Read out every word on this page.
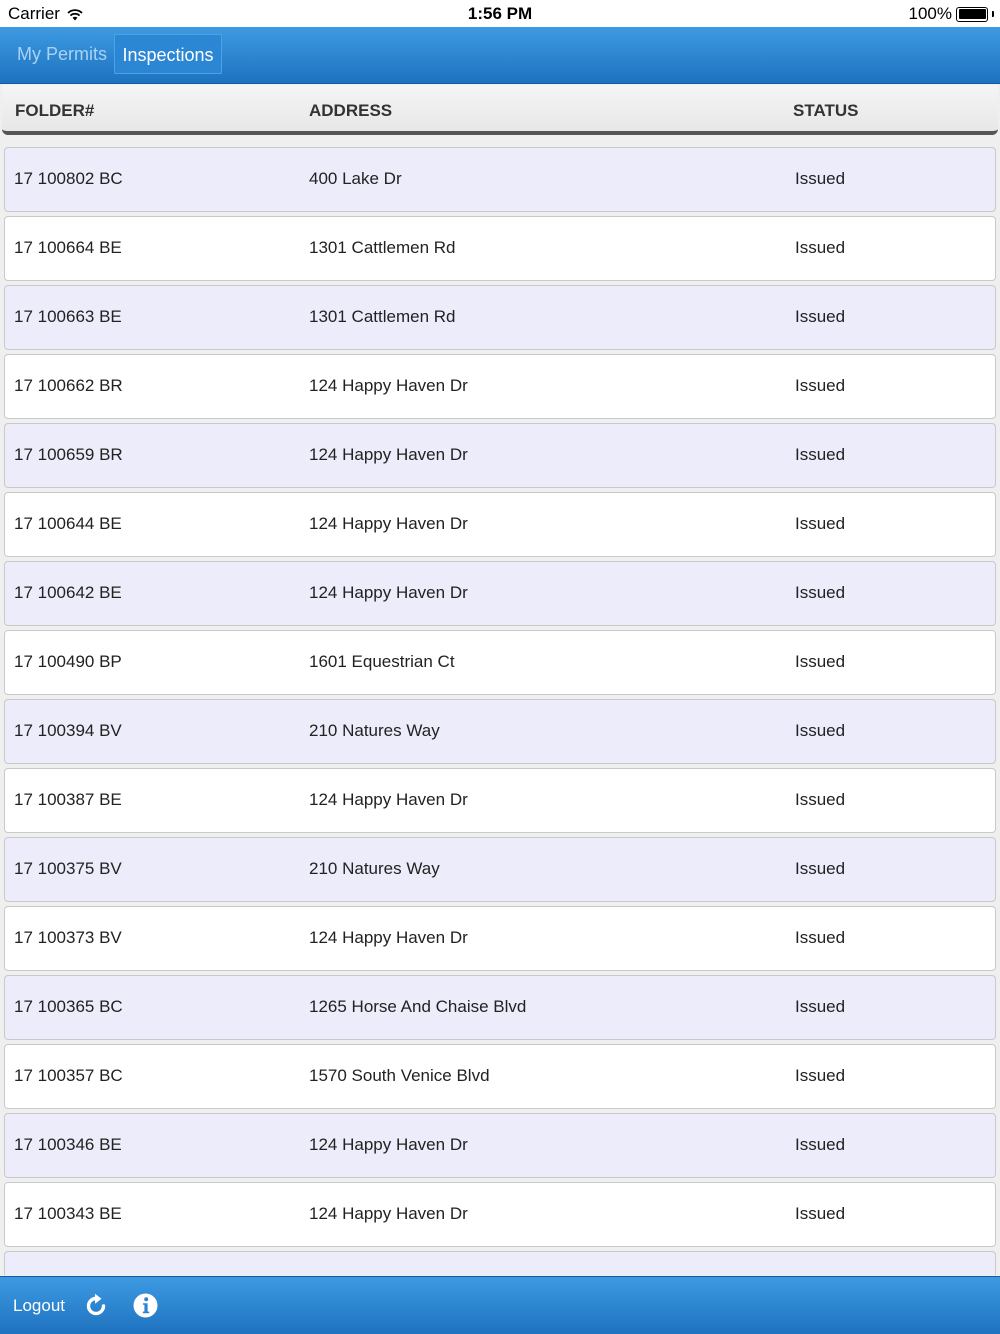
Carrier	1:56 PM	100%
My Permits Inspections
FOLDER#	ADDRESS	STATUS
17 100802 BC	400 Lake Dr	Issued
17 100664 BE	1301 Cattlemen Rd	Issued
17 100663 BE	1301 Cattlemen Rd	Issued
17 100662 BR	124 Happy Haven Dr	Issued
17 100659 BR	124 Happy Haven Dr	Issued
17 100644 BE	124 Happy Haven Dr	Issued
17 100642 BE	124 Happy Haven Dr	Issued
17 100490 BP	1601 Equestrian Ct	Issued
17 100394 BV	210 Natures Way	Issued
17 100387 BE	124 Happy Haven Dr	Issued
17 100375 BV	210 Natures Way	Issued
17 100373 BV	124 Happy Haven Dr	Issued
17 100365 BC	1265 Horse And Chaise Blvd	Issued
17 100357 BC	1570 South Venice Blvd	Issued
17 100346 BE	124 Happy Haven Dr	Issued
17 100343 BE	124 Happy Haven Dr	Issued
Logout
